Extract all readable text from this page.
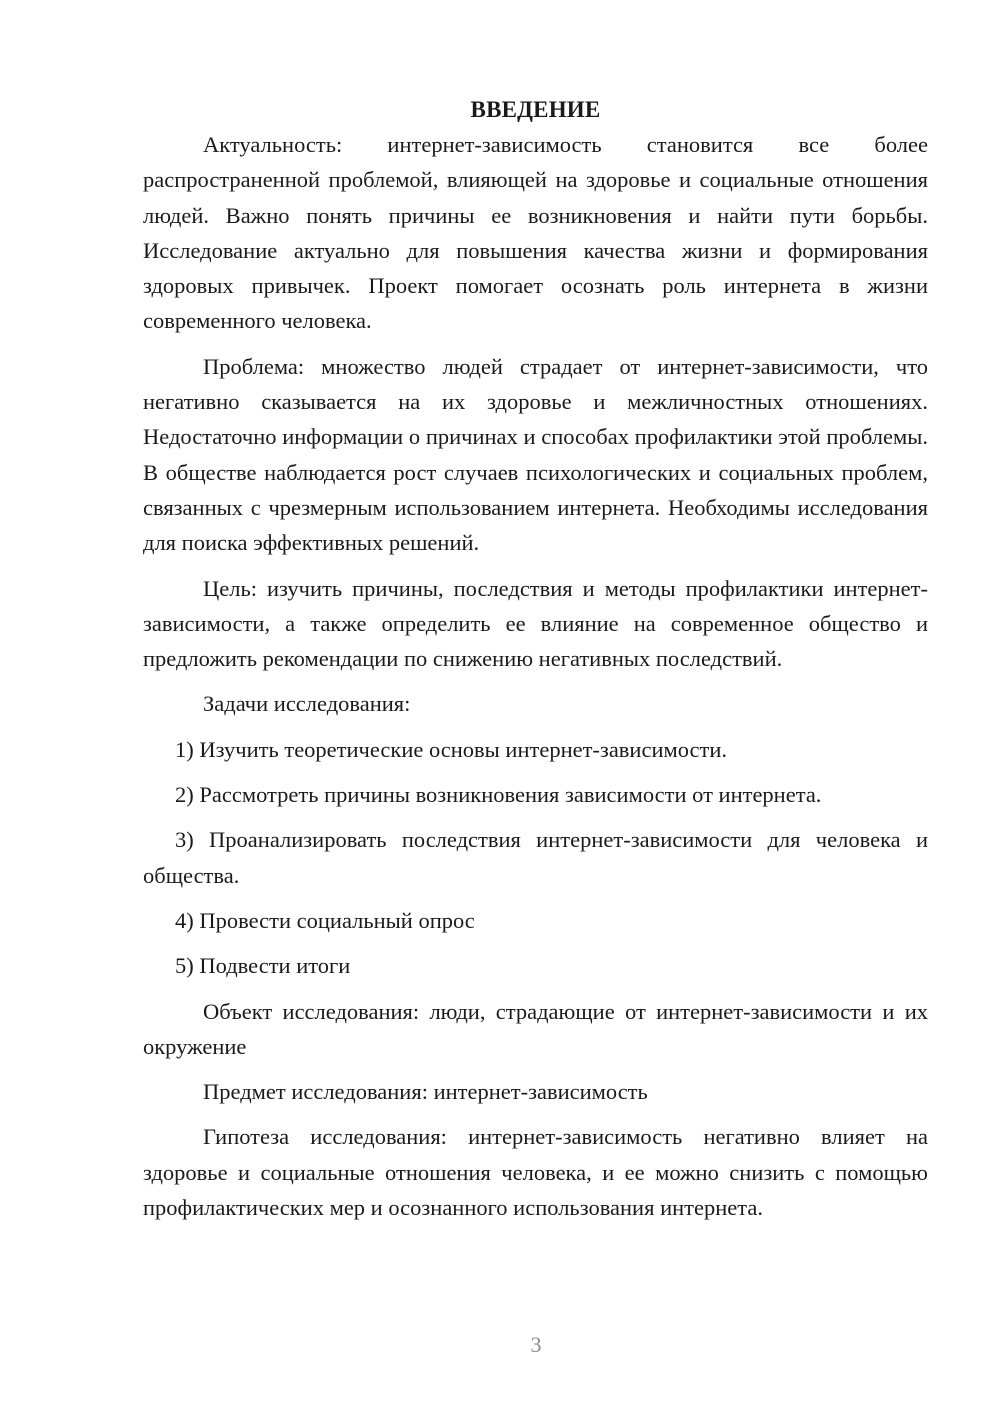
ВВЕДЕНИЕ

Актуальность: интернет-зависимость становится все более распространенной проблемой, влияющей на здоровье и социальные отношения людей. Важно понять причины ее возникновения и найти пути борьбы. Исследование актуально для повышения качества жизни и формирования здоровых привычек. Проект помогает осознать роль интернета в жизни современного человека.

Проблема: множество людей страдает от интернет-зависимости, что негативно сказывается на их здоровье и межличностных отношениях. Недостаточно информации о причинах и способах профилактики этой проблемы. В обществе наблюдается рост случаев психологических и социальных проблем, связанных с чрезмерным использованием интернета. Необходимы исследования для поиска эффективных решений.

Цель: изучить причины, последствия и методы профилактики интернет-зависимости, а также определить ее влияние на современное общество и предложить рекомендации по снижению негативных последствий.

Задачи исследования:

1) Изучить теоретические основы интернет-зависимости.

2) Рассмотреть причины возникновения зависимости от интернета.

3) Проанализировать последствия интернет-зависимости для человека и общества.

4) Провести социальный опрос

5) Подвести итоги

Объект исследования: люди, страдающие от интернет-зависимости и их окружение

Предмет исследования: интернет-зависимость

Гипотеза исследования: интернет-зависимость негативно влияет на здоровье и социальные отношения человека, и ее можно снизить с помощью профилактических мер и осознанного использования интернета.

3
